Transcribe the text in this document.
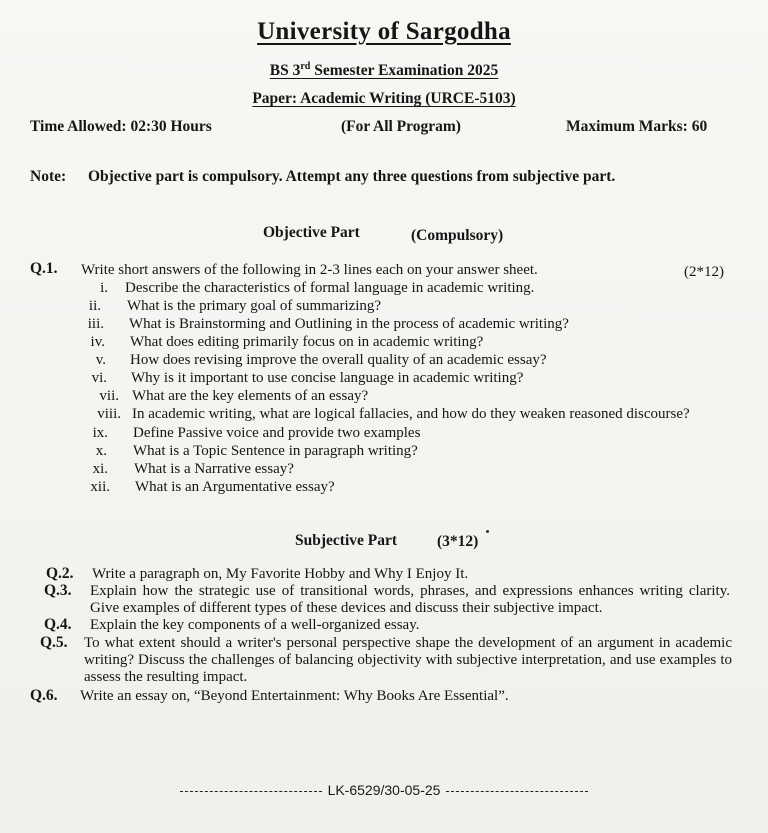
University of Sargodha
BS 3rd Semester Examination 2025
Paper: Academic Writing (URCE-5103)
Time Allowed: 02:30 Hours	(For All Program)	Maximum Marks: 60
Note: Objective part is compulsory. Attempt any three questions from subjective part.
Objective Part	(Compulsory)
Q.1. Write short answers of the following in 2-3 lines each on your answer sheet.	(2*12)
i. Describe the characteristics of formal language in academic writing.
ii. What is the primary goal of summarizing?
iii. What is Brainstorming and Outlining in the process of academic writing?
iv. What does editing primarily focus on in academic writing?
v. How does revising improve the overall quality of an academic essay?
vi. Why is it important to use concise language in academic writing?
vii. What are the key elements of an essay?
viii. In academic writing, what are logical fallacies, and how do they weaken reasoned discourse?
ix. Define Passive voice and provide two examples
x. What is a Topic Sentence in paragraph writing?
xi. What is a Narrative essay?
xii. What is an Argumentative essay?
Subjective Part	(3*12)
Q.2. Write a paragraph on, My Favorite Hobby and Why I Enjoy It.
Q.3. Explain how the strategic use of transitional words, phrases, and expressions enhances writing clarity. Give examples of different types of these devices and discuss their subjective impact.
Q.4. Explain the key components of a well-organized essay.
Q.5. To what extent should a writer's personal perspective shape the development of an argument in academic writing? Discuss the challenges of balancing objectivity with subjective interpretation, and use examples to assess the resulting impact.
Q.6. Write an essay on, “Beyond Entertainment: Why Books Are Essential”.
LK-6529/30-05-25
